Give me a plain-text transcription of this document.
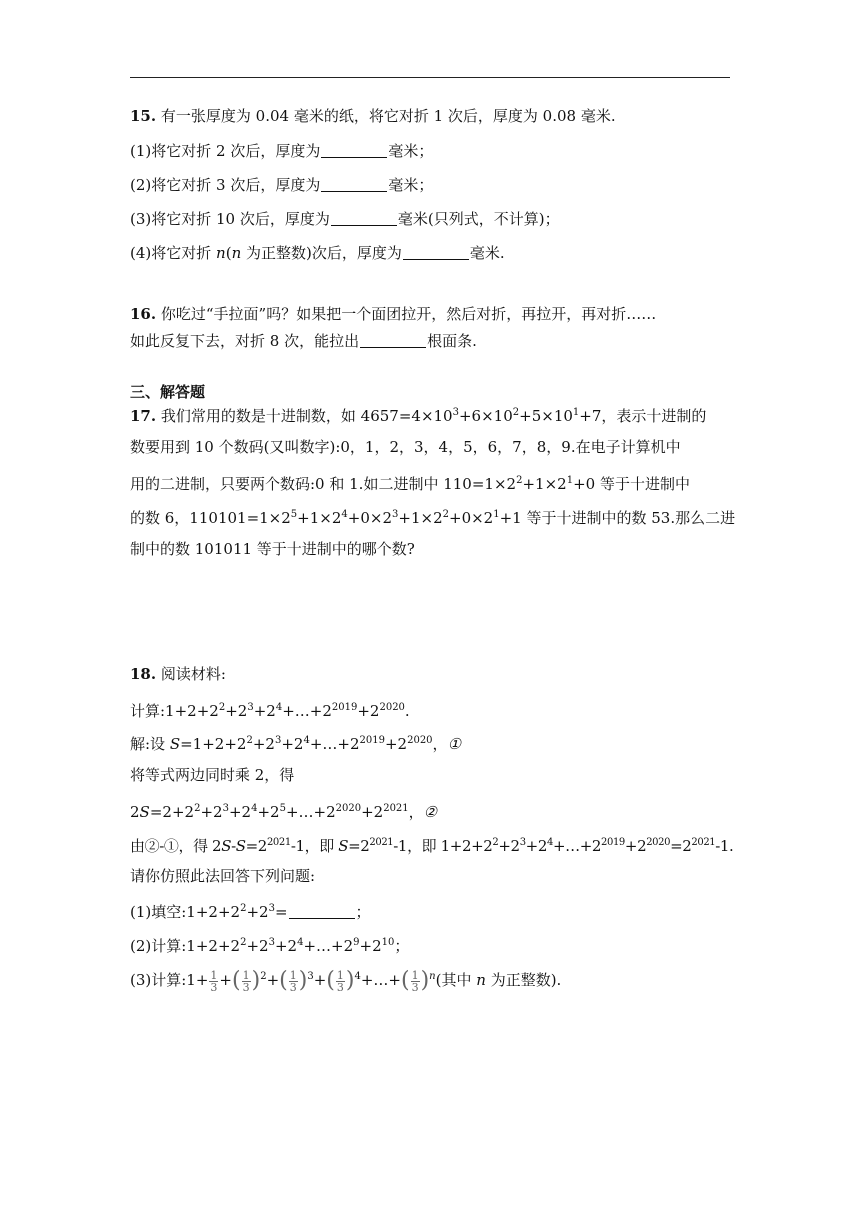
15. 有一张厚度为 0.04 毫米的纸，将它对折 1 次后，厚度为 0.08 毫米.
(1)将它对折 2 次后，厚度为	毫米；
(2)将它对折 3 次后，厚度为	毫米；
(3)将它对折 10 次后，厚度为	毫米(只列式，不计算)；
(4)将它对折 n(n 为正整数)次后，厚度为	毫米.
16. 你吃过“手拉面”吗？如果把一个面团拉开，然后对折，再拉开，再对折……
如此反复下去，对折 8 次，能拉出	根面条.
三、解答题
17. 我们常用的数是十进制数，如 $4657=4\times 10^3+6\times 10^2+5\times 10^1+7$，表示十进制的
数要用到 10 个数码(又叫数字):0，1，2，3，4，5，6，7，8，9.在电子计算机中
用的二进制，只要两个数码:0 和 1.如二进制中 $110=1\times 2^2+1\times 2^1+0$ 等于十进制中
的数 6，$110101=1\times 2^5+1\times 2^4+0\times 2^3+1\times 2^2+0\times 2^1+1$ 等于十进制中的数 53.那么二进
制中的数 101011 等于十进制中的哪个数?
18. 阅读材料:
计算$:1+2+2^2+2^3+2^4+\dots+2^{2019}+2^{2020}$.
解:设 $S=1+2+2^2+2^3+2^4+\dots+2^{2019}+2^{2020}$，①
将等式两边同时乘 2，得
$2S=2+2^2+2^3+2^4+2^5+\dots+2^{2020}+2^{2021}$，②
由②-①，得 $2S-S=2^{2021}-1$，即 $S=2^{2021}-1$，即 $1+2+2^2+2^3+2^4+\dots+2^{2019}+2^{2020}=2^{2021}-1$.
请你仿照此法回答下列问题:
(1)填空$:1+2+2^2+2^3=$	；
(2)计算$:1+2+2^2+2^3+2^4+\dots+2^9+2^{10}$；
(3)计算:1+ $\frac{1}{3}$ +( $\frac{1}{3} )^2+( \frac{1}{3} )^3+( \frac{1}{3}$ )$^4+\dots+( \frac{1}{3} )^n$(其中 n 为正整数).
